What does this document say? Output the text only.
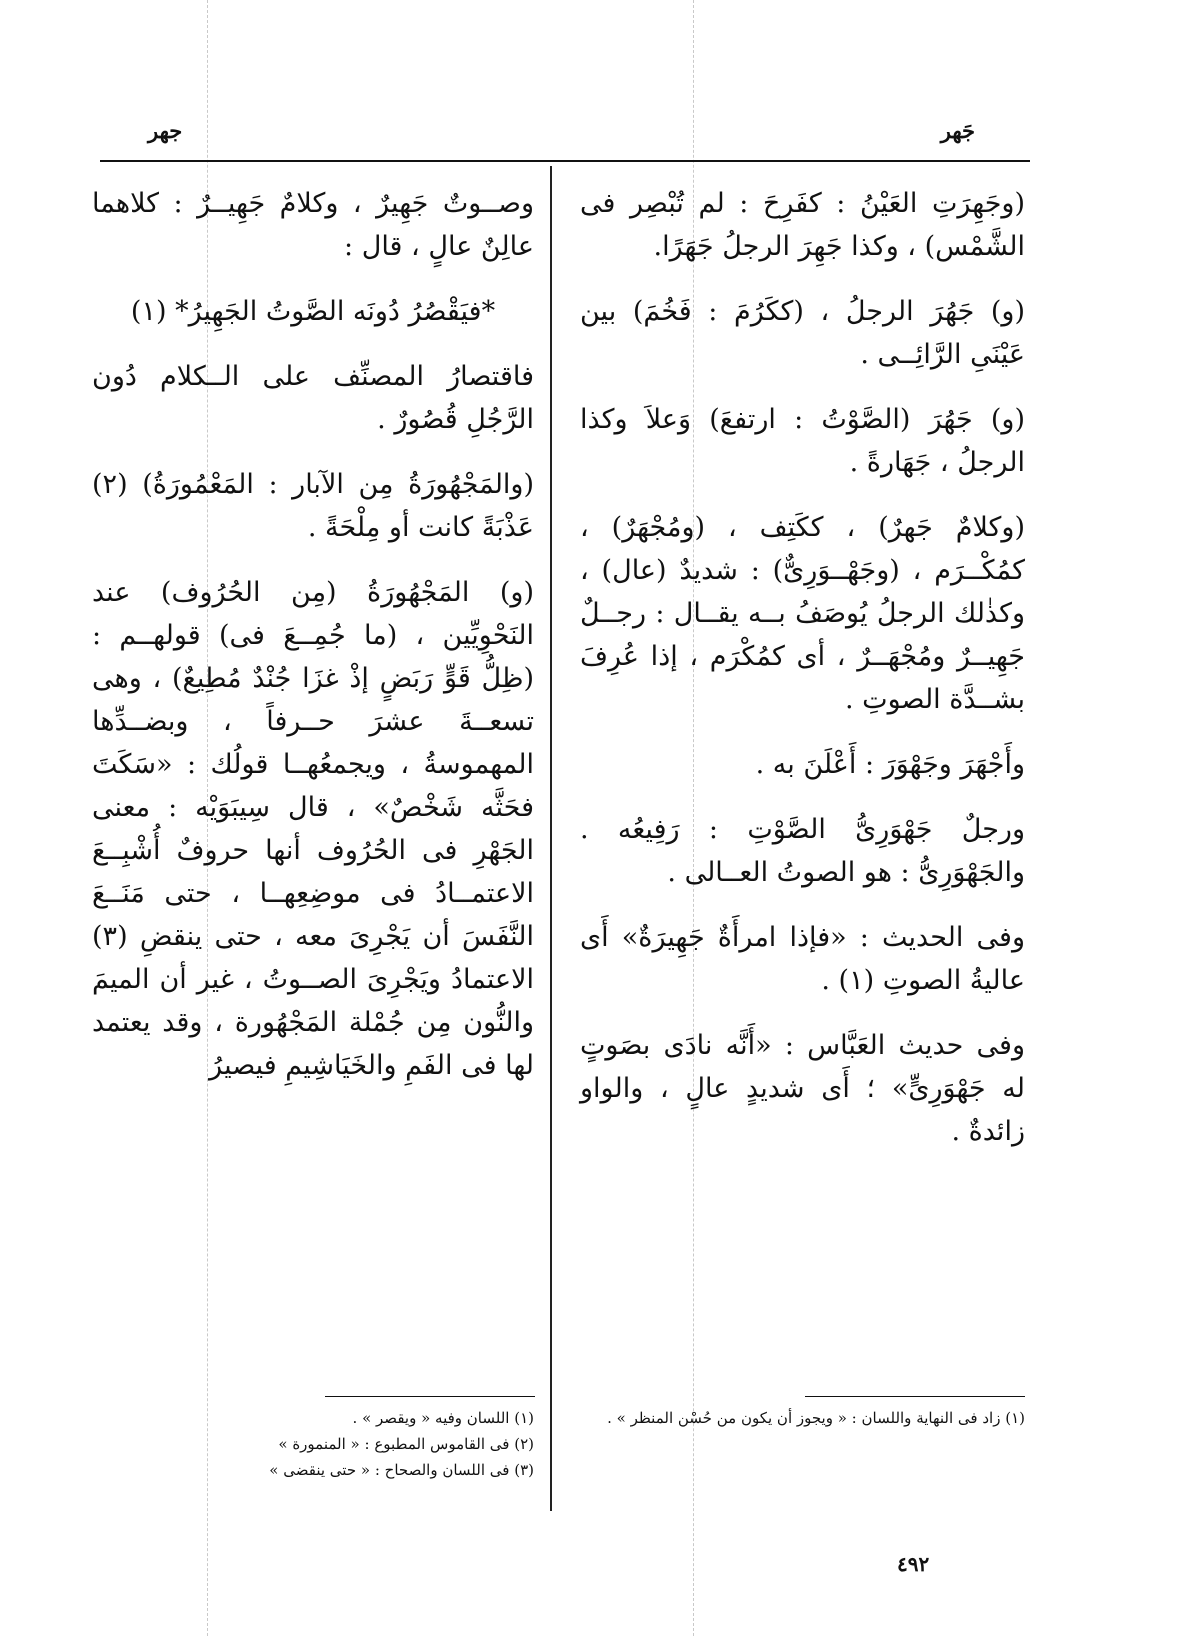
جَهر
جهر

(وجَهِرَتِ العَيْنُ : كفَرِحَ : لم تُبْصِر فى الشَّمْس) ، وكذا جَهِرَ الرجلُ جَهَرًا.

(و) جَهُرَ الرجلُ ، (ككَرُمَ : فَخُمَ) بين عَيْنَىِ الرَّائِــى .

(و) جَهُرَ (الصَّوْتُ : ارتفعَ) وَعلاَ وكذا الرجلُ ، جَهَارةً .

(وكلامٌ جَهرٌ) ، ككَتِف ، (ومُجْهَرٌ) ، كمُكْــرَم ، (وجَهْــوَرِىٌّ) : شديدٌ (عال) ، وكذٰلك الرجلُ يُوصَفُ بــه يقــال : رجــلٌ جَهِيــرٌ ومُجْهَــرٌ ، أى كمُكْرَم ، إذا عُرِفَ بشــدَّة الصوتِ .

وأَجْهَرَ وجَهْوَرَ : أَعْلَنَ به .

ورجلٌ جَهْوَرِىُّ الصَّوْتِ : رَفِيعُه . والجَهْوَرِىُّ : هو الصوتُ العــالى .

وفى الحديث : «فإذا امرأَةٌ جَهِيرَةٌ» أَى عاليةُ الصوتِ (١) .

وفى حديث العَبَّاس : «أَنَّه نادَى بصَوتٍ له جَهْوَرِىٍّ» ؛ أَى شديدٍ عالٍ ، والواو زائدةٌ .

وصــوتٌ جَهِيرٌ ، وكلامٌ جَهِيــرٌ : كلاهما عالِنٌ عالٍ ، قال :

*فيَقْصُرُ دُونَه الصَّوتُ الجَهِيرُ* (١)

فاقتصارُ المصنِّف على الــكلام دُون الرَّجُلِ قُصُورٌ .

(والمَجْهُورَةُ مِن الآبار : المَعْمُورَةُ) (٢) عَذْبَةً كانت أو مِلْحَةً .

(و) المَجْهُورَةُ (مِن الحُرُوف) عند النَحْوِيِّين ، (ما جُمِــعَ فى) قولهــم : (ظِلُّ قَوٍّ رَبَضٍ إذْ غزَا جُنْدٌ مُطِيعٌ) ، وهى تسعــةَ عشرَ حــرفاً ، وبضــدِّها المهموسةُ ، ويجمعُهــا قولُك : «سَكَتَ فحَثَّه شَخْصٌ» ، قال سِيبَوَيْه : معنى الجَهْرِ فى الحُرُوف أنها حروفٌ أُشْبِــعَ الاعتمــادُ فى موضِعِهــا ، حتى مَنَــعَ النَّفَسَ أن يَجْرِىَ معه ، حتى ينقضِ (٣) الاعتمادُ ويَجْرِىَ الصــوتُ ، غير أن الميمَ والنُّون مِن جُمْلة المَجْهُورة ، وقد يعتمد لها فى الفَمِ والخَيَاشِيمِ فيصيرُ

(١) زاد فى النهاية واللسان : « ويجوز أن يكون من حُسْن المنظر » .

(١) اللسان وفيه « ويقصر » .

(٢) فى القاموس المطبوع : « المنمورة »

(٣) فى اللسان والصحاح : « حتى ينقضى »

٤٩٢
